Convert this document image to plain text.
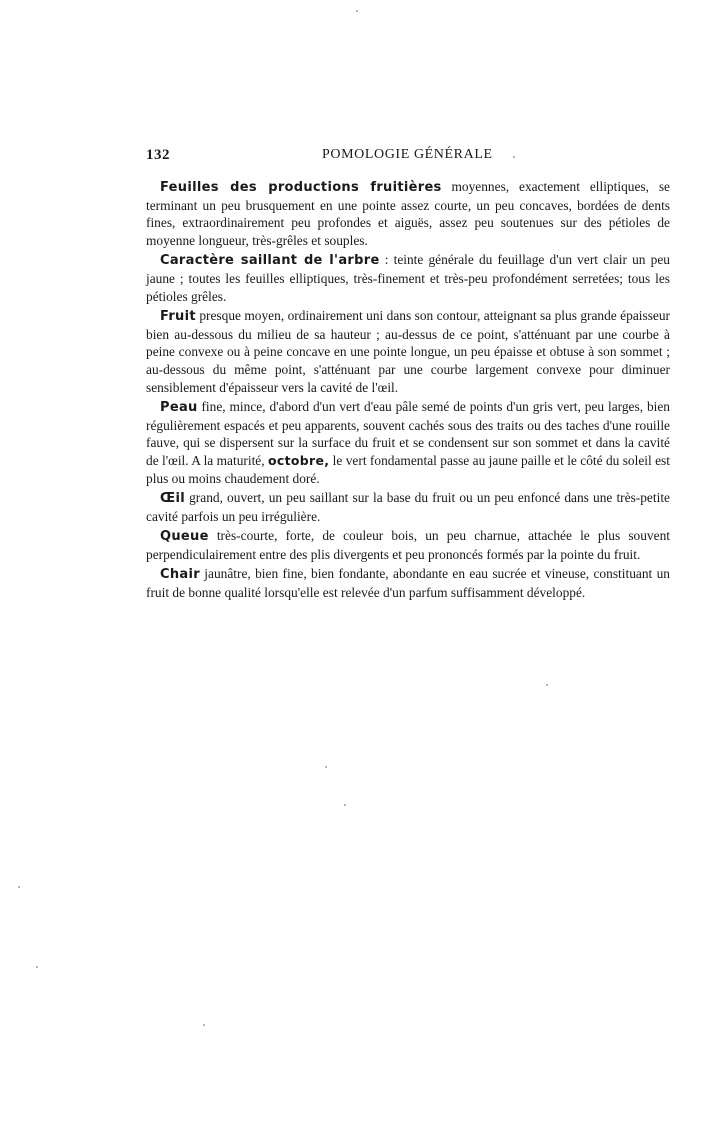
132	POMOLOGIE GÉNÉRALE

Feuilles des productions fruitières moyennes, exactement elliptiques, se terminant un peu brusquement en une pointe assez courte, un peu concaves, bordées de dents fines, extraordinairement peu profondes et aiguës, assez peu soutenues sur des pétioles de moyenne longueur, très-grêles et souples.

Caractère saillant de l'arbre : teinte générale du feuillage d'un vert clair un peu jaune ; toutes les feuilles elliptiques, très-finement et très-peu profondément serretées; tous les pétioles grêles.

Fruit presque moyen, ordinairement uni dans son contour, atteignant sa plus grande épaisseur bien au-dessous du milieu de sa hauteur ; au-dessus de ce point, s'atténuant par une courbe à peine convexe ou à peine concave en une pointe longue, un peu épaisse et obtuse à son sommet ; au-dessous du même point, s'atténuant par une courbe largement convexe pour diminuer sensiblement d'épaisseur vers la cavité de l'œil.

Peau fine, mince, d'abord d'un vert d'eau pâle semé de points d'un gris vert, peu larges, bien régulièrement espacés et peu apparents, souvent cachés sous des traits ou des taches d'une rouille fauve, qui se dispersent sur la surface du fruit et se condensent sur son sommet et dans la cavité de l'œil. A la maturité, octobre, le vert fondamental passe au jaune paille et le côté du soleil est plus ou moins chaudement doré.

Œil grand, ouvert, un peu saillant sur la base du fruit ou un peu enfoncé dans une très-petite cavité parfois un peu irrégulière.

Queue très-courte, forte, de couleur bois, un peu charnue, attachée le plus souvent perpendiculairement entre des plis divergents et peu prononcés formés par la pointe du fruit.

Chair jaunâtre, bien fine, bien fondante, abondante en eau sucrée et vineuse, constituant un fruit de bonne qualité lorsqu'elle est relevée d'un parfum suffisamment développé.
